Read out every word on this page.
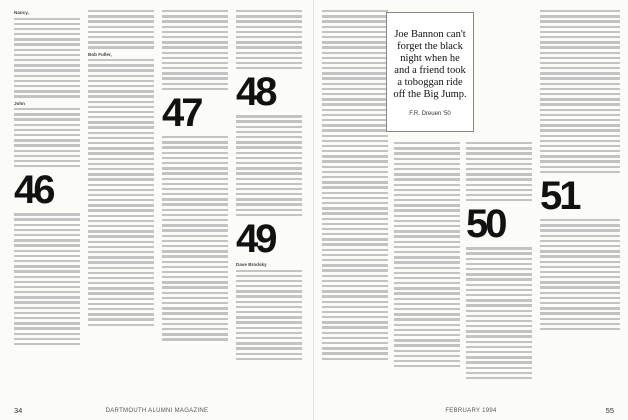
Nancy,
John
46
Bob Fuller,
47 48
49
Dave Brodsky
34	DARTMOUTH ALUMNI MAGAZINE
50
51
FEBRUARY 1994	55
Joe Bannon can't forget the black night when he and a friend took a toboggan ride off the Big Jump.
F.R. Dreuen '50
